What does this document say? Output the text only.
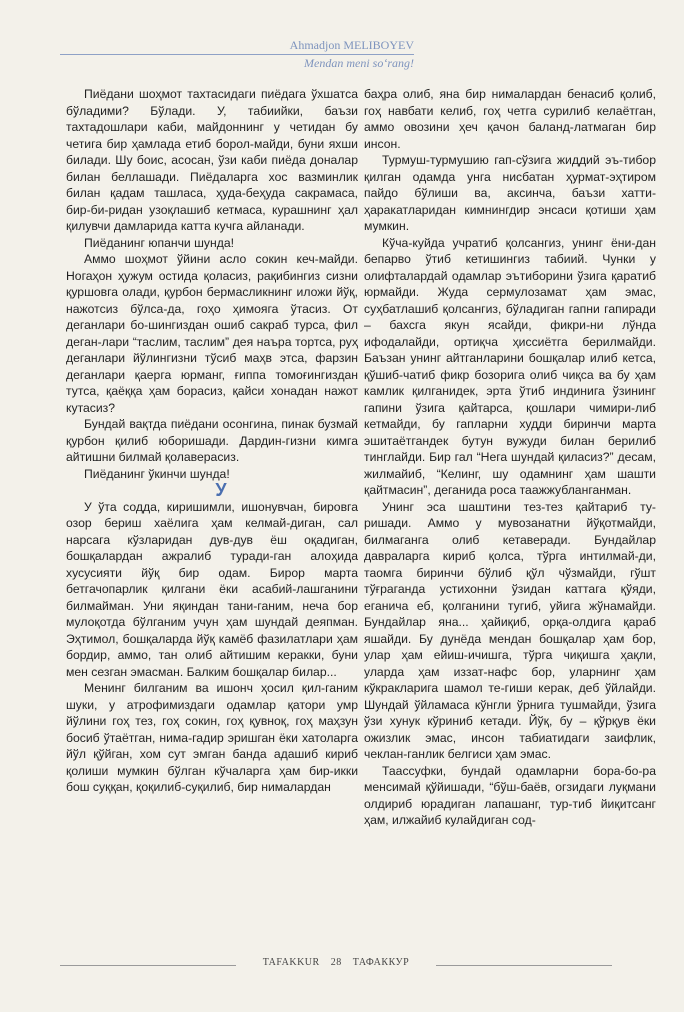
Ahmadjon MELIBOYEV
Mendan meni so‘rang!

Пиёдани шоҳмот тахтасидаги пиёдага ўхшатса бўладими? Бўлади. У, табиийки, баъзи тахтадошлари каби, майдоннинг у четидан бу четига бир ҳамлада етиб борол-майди, буни яхши билади. Шу боис, асосан, ўзи каби пиёда доналар билан беллашади. Пиёдаларга хос вазминлик билан қадам ташлаcа, ҳуда-беҳуда сакрамаса, бир-би-ридан узоқлашиб кетмаса, курашнинг ҳал қилувчи дамларида катта кучга айланади.

Пиёданинг юпанчи шунда!

Аммо шоҳмот ўйини асло сокин кеч-майди. Ногаҳон ҳужум остида қоласиз, рақибингиз сизни қуршовга олади, қурбон бермасликнинг иложи йўқ, нажотсиз бўлса-да, гоҳо ҳимояга ўтасиз. От деганлари бо-шингиздан ошиб сакраб турса, фил деган-лари “таслим, таслим” дея наъра тортса, руҳ деганлари йўлингизни тўсиб маҳв этса, фарзин деганлари қаерга юрманг, ғиппа томоғингиздан тутса, қаёққа ҳам борасиз, қайси хонадан нажот кутасиз?

Бундай вақтда пиёдани осонгина, пинак бузмай қурбон қилиб юборишади. Дардин-гизни кимга айтишни билмай қолаверасиз.

Пиёданинг ўкинчи шунда!

У

У ўта содда, киришимли, ишонувчан, бировга озор бериш хаёлига ҳам келмай-диган, сал нарсага кўзларидан дув-дув ёш оқадиган, бошқалардан ажралиб туради-ган алоҳида хусусияти йўқ бир одам. Бирор марта бетгачопарлик қилгани ёки асабий-лашганини билмайман. Уни яқиндан тани-ганим, неча бор мулоқотда бўлганим учун ҳам шундай деяпман. Эҳтимол, бошқаларда йўқ камёб фазилатлари ҳам бордир, аммо, тан олиб айтишим керакки, буни мен сезган эмасман. Балким бошқалар билар...

Менинг билганим ва ишонч ҳосил қил-ганим шуки, у атрофимиздаги одамлар қатори умр йўлини гоҳ тез, гоҳ сокин, гоҳ қувноқ, гоҳ маҳзун босиб ўтаётган, нима-гадир эришган ёки хатоларга йўл қўйган, хом сут эмган банда адашиб кириб қолиши мумкин бўлган кўчаларга ҳам бир-икки бош суққан, қоқилиб-суқилиб, бир нималардан

баҳра олиб, яна бир нималардан бенасиб қолиб, гоҳ навбати келиб, гоҳ четга сурилиб келаётган, аммо овозини ҳеч қачон баланд-латмаган бир инсон.

Турмуш-турмушию гап-сўзига жиддий эъ-тибор қилган одамда унга нисбатан ҳурмат-эҳтиром пайдо бўлиши ва, аксинча, баъзи хатти-ҳаракатларидан кимнингдир энсаси қотиши ҳам мумкин.

Кўча-куйда учратиб қолсангиз, унинг ёни-дан бепарво ўтиб кетишингиз табиий. Чунки у олифталардай одамлар эътиборини ўзига қаратиб юрмайди. Жуда сермулозамат ҳам эмас, суҳбатлашиб қолсангиз, бўладиган гапни гапиради – бахсга якун ясайди, фикри-ни лўнда ифодалайди, ортиқча ҳиссиётга берилмайди. Баъзан унинг айтганларини бошқалар илиб кетса, қўшиб-чатиб фикр бозорига олиб чиқса ва бу ҳам камлик қилганидек, эрта ўтиб индинига ўзининг гапини ўзига қайтарса, қошлари чимири-либ кетмайди, бу гапларни худди биринчи марта эшитаётгандек бутун вужуди билан берилиб тинглайди. Бир гал “Нега шундай қиласиз?” десам, жилмайиб, “Келинг, шу одамнинг ҳам шашти қайтмасин”, деганида роса таажжубланганман.

Унинг эса шаштини тез-тез қайтариб ту-ришади. Аммо у мувозанатни йўқотмайди, билмаганга олиб кетаверади. Бундайлар даврaларга кириб қолса, тўрга интилмай-ди, таомга биринчи бўлиб қўл чўзмайди, гўшт тўғраганда устихонни ўзидан каттага қўяди, еганича еб, қолганини тугиб, уйига жўнамайди. Бундайлар яна... ҳайиқиб, орқа-олдига қараб яшайди. Бу дунёда мендан бошқалар ҳам бор, улар ҳам ейиш-ичишга, тўрга чиқишга ҳақли, уларда ҳам иззат-нафс бор, уларнинг ҳам кўкракларига шамол те-гиши керак, деб ўйлайди. Шундай ўйламаса кўнгли ўрнига тушмайди, ўзига ўзи хунук кўриниб кетади. Йўқ, бу – қўрқув ёки ожизлик эмас, инсон табиатидаги заифлик, чеклан-ганлик белгиси ҳам эмас.

Таассуфки, бундай одамларни бора-бо-ра менсимай қўйишади, “бўш-баёв, огзидаги луқмани олдириб юрадиган лапашанг, тур-тиб йиқитсанг ҳам, илжайиб кулайдиган сод-

TAFAKKUR 28 ТАФАККУР
